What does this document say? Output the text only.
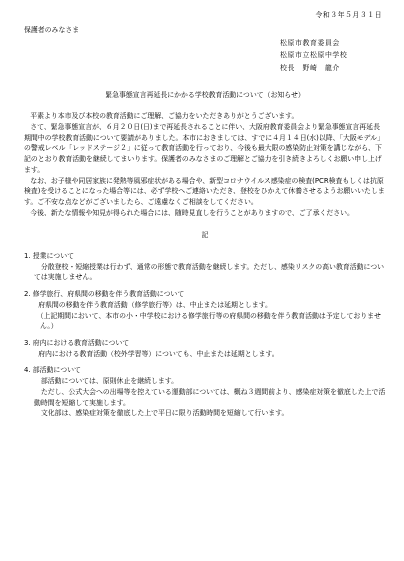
令和３年５月３１日
保護者のみなさま
松原市教育委員会
松原市立松原中学校
校長　野崎　龍介
緊急事態宣言再延長にかかる学校教育活動について（お知らせ）

平素より本市及び本校の教育活動にご理解、ご協力をいただきありがとうございます。

さて、緊急事態宣言が、６月２０日(日)まで再延長されることに伴い、大阪府教育委員会より緊急事態宣言再延長期間中の学校教育活動について要請がありました。本市におきましては、すでに４月１４日(水)以降、「大阪モデル」の警戒レベル「レッドステージ２」に従って教育活動を行っており、今後も最大限の感染防止対策を講じながら、下記のとおり教育活動を継続してまいります。保護者のみなさまのご理解とご協力を引き続きよろしくお願い申し上げます。

なお、お子様や同居家族に発熱等風邪症状がある場合や、新型コロナウイルス感染症の検査(PCR検査もしくは抗原検査)を受けることになった場合等には、必ず学校へご連絡いただき、登校をひかえて休養させるようお願いいたします。ご不安な点などがございましたら、ご遠慮なくご相談をしてください。

今後、新たな情報や知見が得られた場合には、随時見直しを行うことがありますので、ご了承ください。

記

1. 授業について

分散登校・短縮授業は行わず、通常の形態で教育活動を継続します。ただし、感染リスクの高い教育活動については実施しません。

2. 修学旅行、府県間の移動を伴う教育活動について

府県間の移動を伴う教育活動（修学旅行等）は、中止または延期とします。

（上記期間において、本市の小・中学校における修学旅行等の府県間の移動を伴う教育活動は予定しておりません。）

3. 府内における教育活動について

府内における教育活動（校外学習等）についても、中止または延期とします。

4. 部活動について

部活動については、原則休止を継続します。

ただし、公式大会への出場等を控えている運動部については、概ね３週間前より、感染症対策を徹底した上で活動時間を短縮して実施します。

文化部は、感染症対策を徹底した上で平日に限り活動時間を短縮して行います。
